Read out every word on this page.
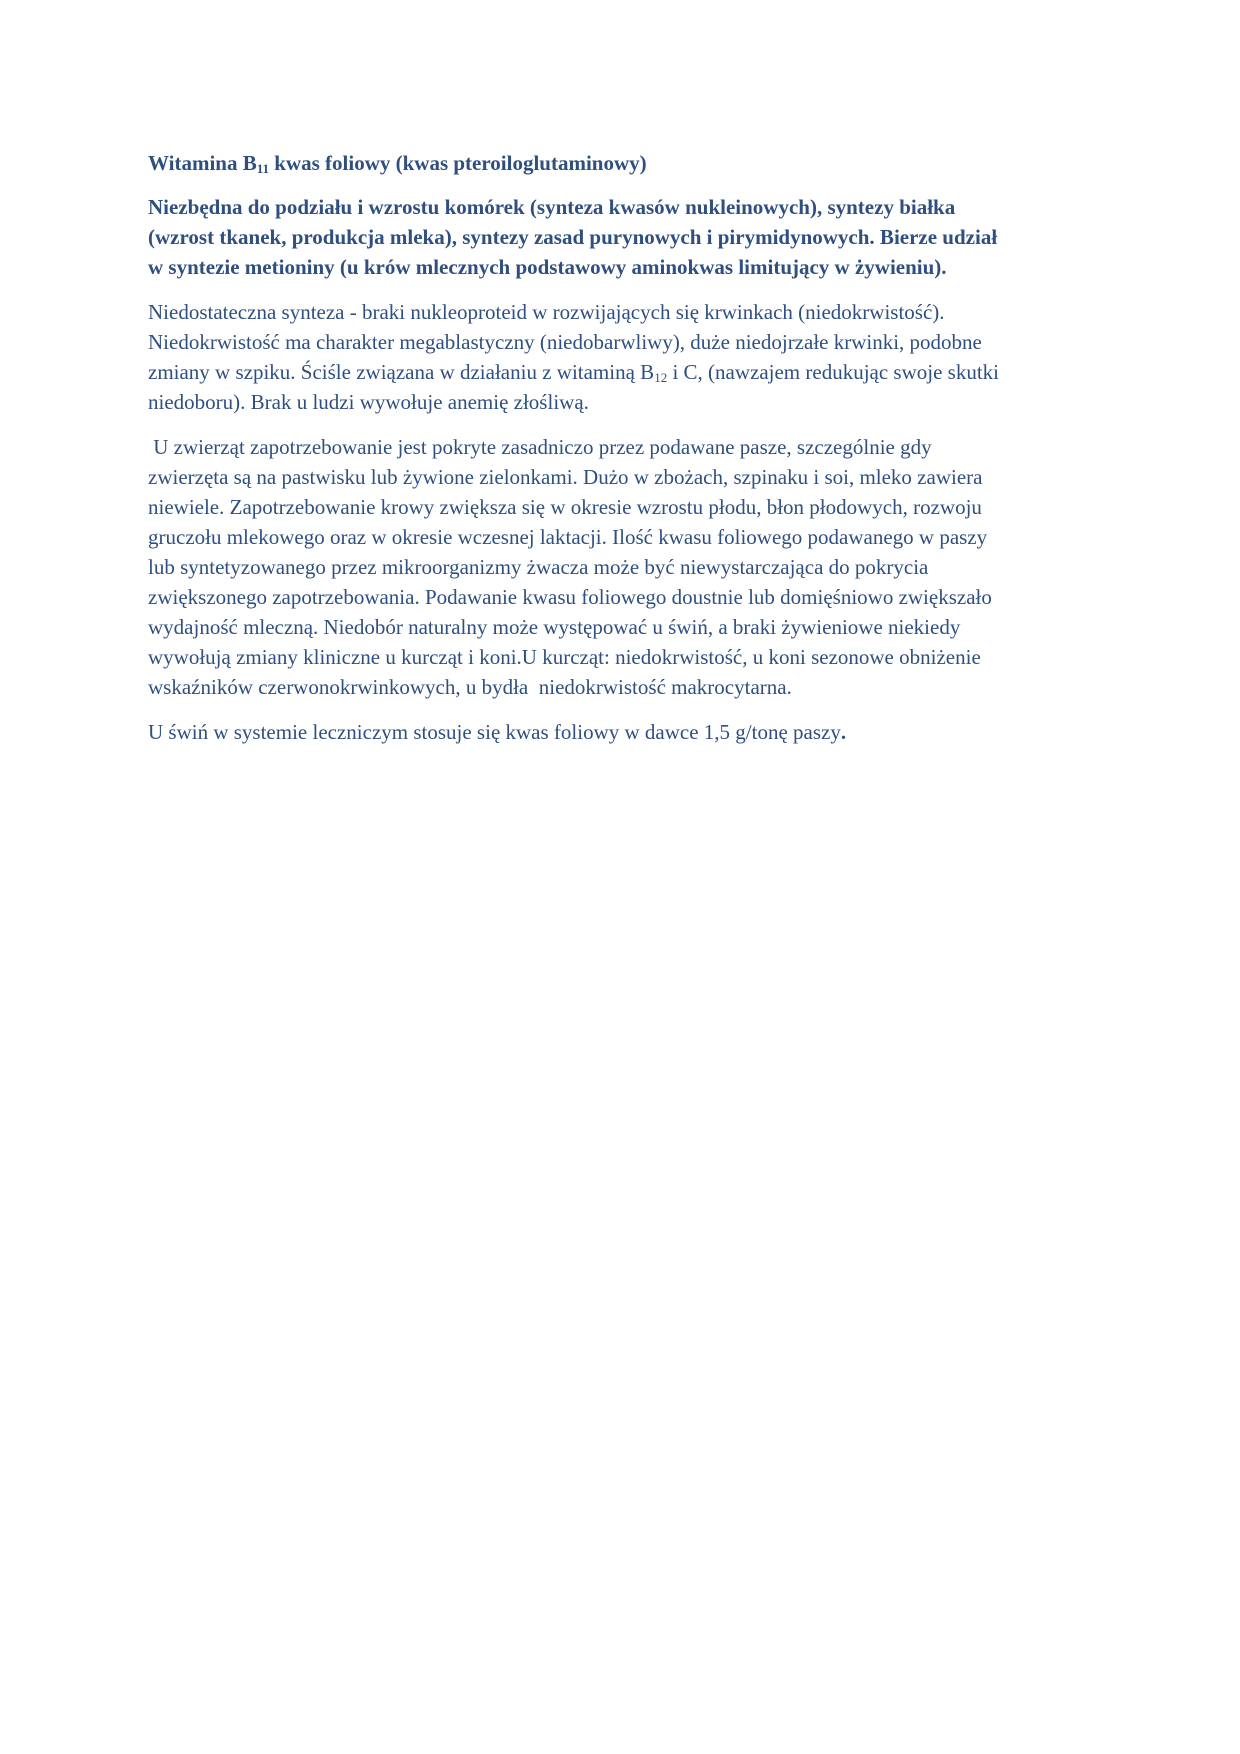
Witamina $B_{11}$ kwas foliowy (kwas pteroiloglutaminowy)
Niezbędna do podziału i wzrostu komórek (synteza kwasów nukleinowych), syntezy białka
(wzrost tkanek, produkcja mleka), syntezy zasad purynowych i pirymidynowych. Bierze udział
w syntezie metioniny (u krów mlecznych podstawowy aminokwas limitujący w żywieniu).
Niedostateczna synteza - braki nukleoproteid w rozwijających się krwinkach (niedokrwistość).
Niedokrwistość ma charakter megablastyczny (niedobarwliwy), duże niedojrzałe krwinki, podobne
zmiany w szpiku. Ściśle związana w działaniu z witaminą $B_{12}$ i C, (nawzajem redukując swoje skutki
niedoboru). Brak u ludzi wywołuje anemię złośliwą.
U zwierząt zapotrzebowanie jest pokryte zasadniczo przez podawane pasze, szczególnie gdy
zwierzęta są na pastwisku lub żywione zielonkami. Dużo w zbożach, szpinaku i soi, mleko zawiera
niewiele. Zapotrzebowanie krowy zwiększa się w okresie wzrostu płodu, błon płodowych, rozwoju
gruczołu mlekowego oraz w okresie wczesnej laktacji. Ilość kwasu foliowego podawanego w paszy
lub syntetyzowanego przez mikroorganizmy żwacza może być niewystarczająca do pokrycia
zwiększonego zapotrzebowania. Podawanie kwasu foliowego doustnie lub domięśniowo zwiększało
wydajność mleczną. Niedobór naturalny może występować u świń, a braki żywieniowe niekiedy
wywołują zmiany kliniczne u kurcząt i koni.U kurcząt: niedokrwistość, u koni sezonowe obniżenie
wskaźników czerwonokrwinkowych, u bydła  niedokrwistość makrocytarna.
U świń w systemie leczniczym stosuje się kwas foliowy w dawce 1,5 g/tonę paszy.
